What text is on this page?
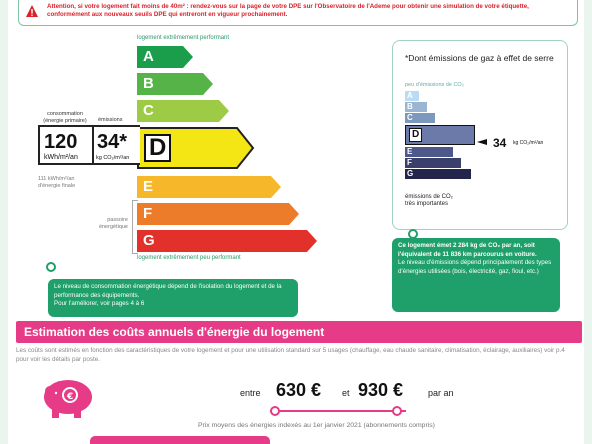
Attention, si votre logement fait moins de 40m² : rendez-vous sur la page de votre DPE sur l'Observatoire de l'Ademe pour obtenir une simulation de votre étiquette, conformément aux nouveaux seuils DPE qui entreront en vigueur prochainement.
logement extrêmement performant
A
B
C
D
E
F
G
logement extrêmement peu performant
consommation
(énergie primaire)	émissions
120
kWh/m²/an
34*
kg CO₂/m²/an
111 kWh/m²/an
d'énergie finale
passoire
énergétique
Le niveau de consommation énergétique dépend de l'isolation du logement et de la performance des équipements.
Pour l'améliorer, voir pages 4 à 6
*Dont émissions de gaz à effet de serre
peu d'émissions de CO₂
A
B
C
D
E
F
G
34 kg CO₂/m²/an
émissions de CO₂
très importantes
Ce logement émet 2 284 kg de CO₂ par an, soit l'équivalent de 11 836 km parcourus en voiture.
Le niveau d'émissions dépend principalement des types d'énergies utilisées (bois, électricité, gaz, fioul, etc.)
Estimation des coûts annuels d'énergie du logement
Les coûts sont estimés en fonction des caractéristiques de votre logement et pour une utilisation standard sur 5 usages (chauffage, eau chaude sanitaire, climatisation, éclairage, auxiliaires) voir p.4 pour voir les détails par poste.
€	entre 630 € et 930 €	par an
Prix moyens des énergies indexés au 1er janvier 2021 (abonnements compris)
